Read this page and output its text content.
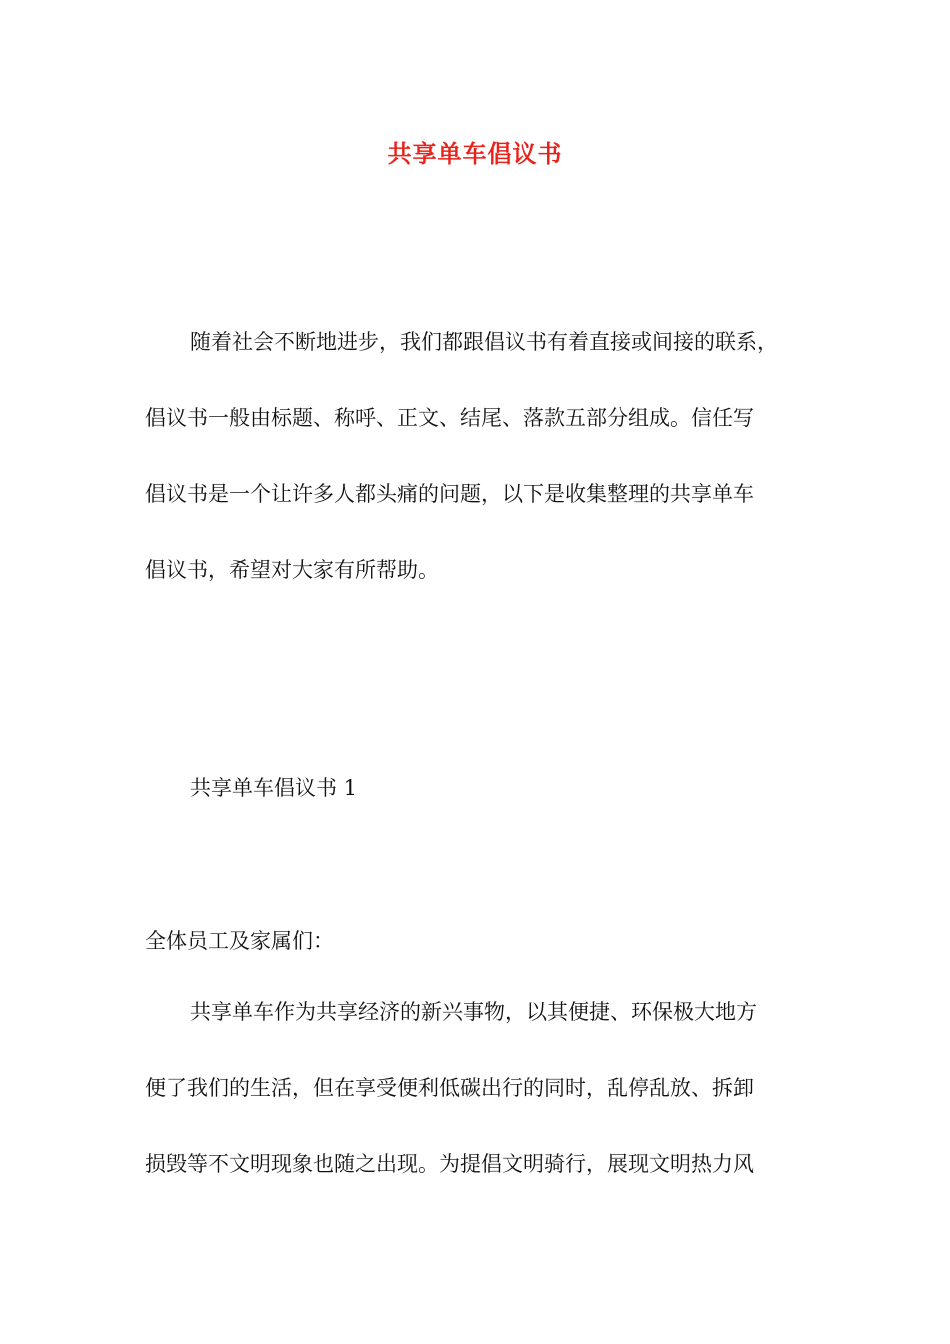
共享单车倡议书
随着社会不断地进步，我们都跟倡议书有着直接或间接的联系，
倡议书一般由标题、称呼、正文、结尾、落款五部分组成。信任写
倡议书是一个让许多人都头痛的问题，以下是收集整理的共享单车
倡议书，希望对大家有所帮助。
共享单车倡议书 1
全体员工及家属们：
共享单车作为共享经济的新兴事物，以其便捷、环保极大地方
便了我们的生活，但在享受便利低碳出行的同时，乱停乱放、拆卸
损毁等不文明现象也随之出现。为提倡文明骑行，展现文明热力风
